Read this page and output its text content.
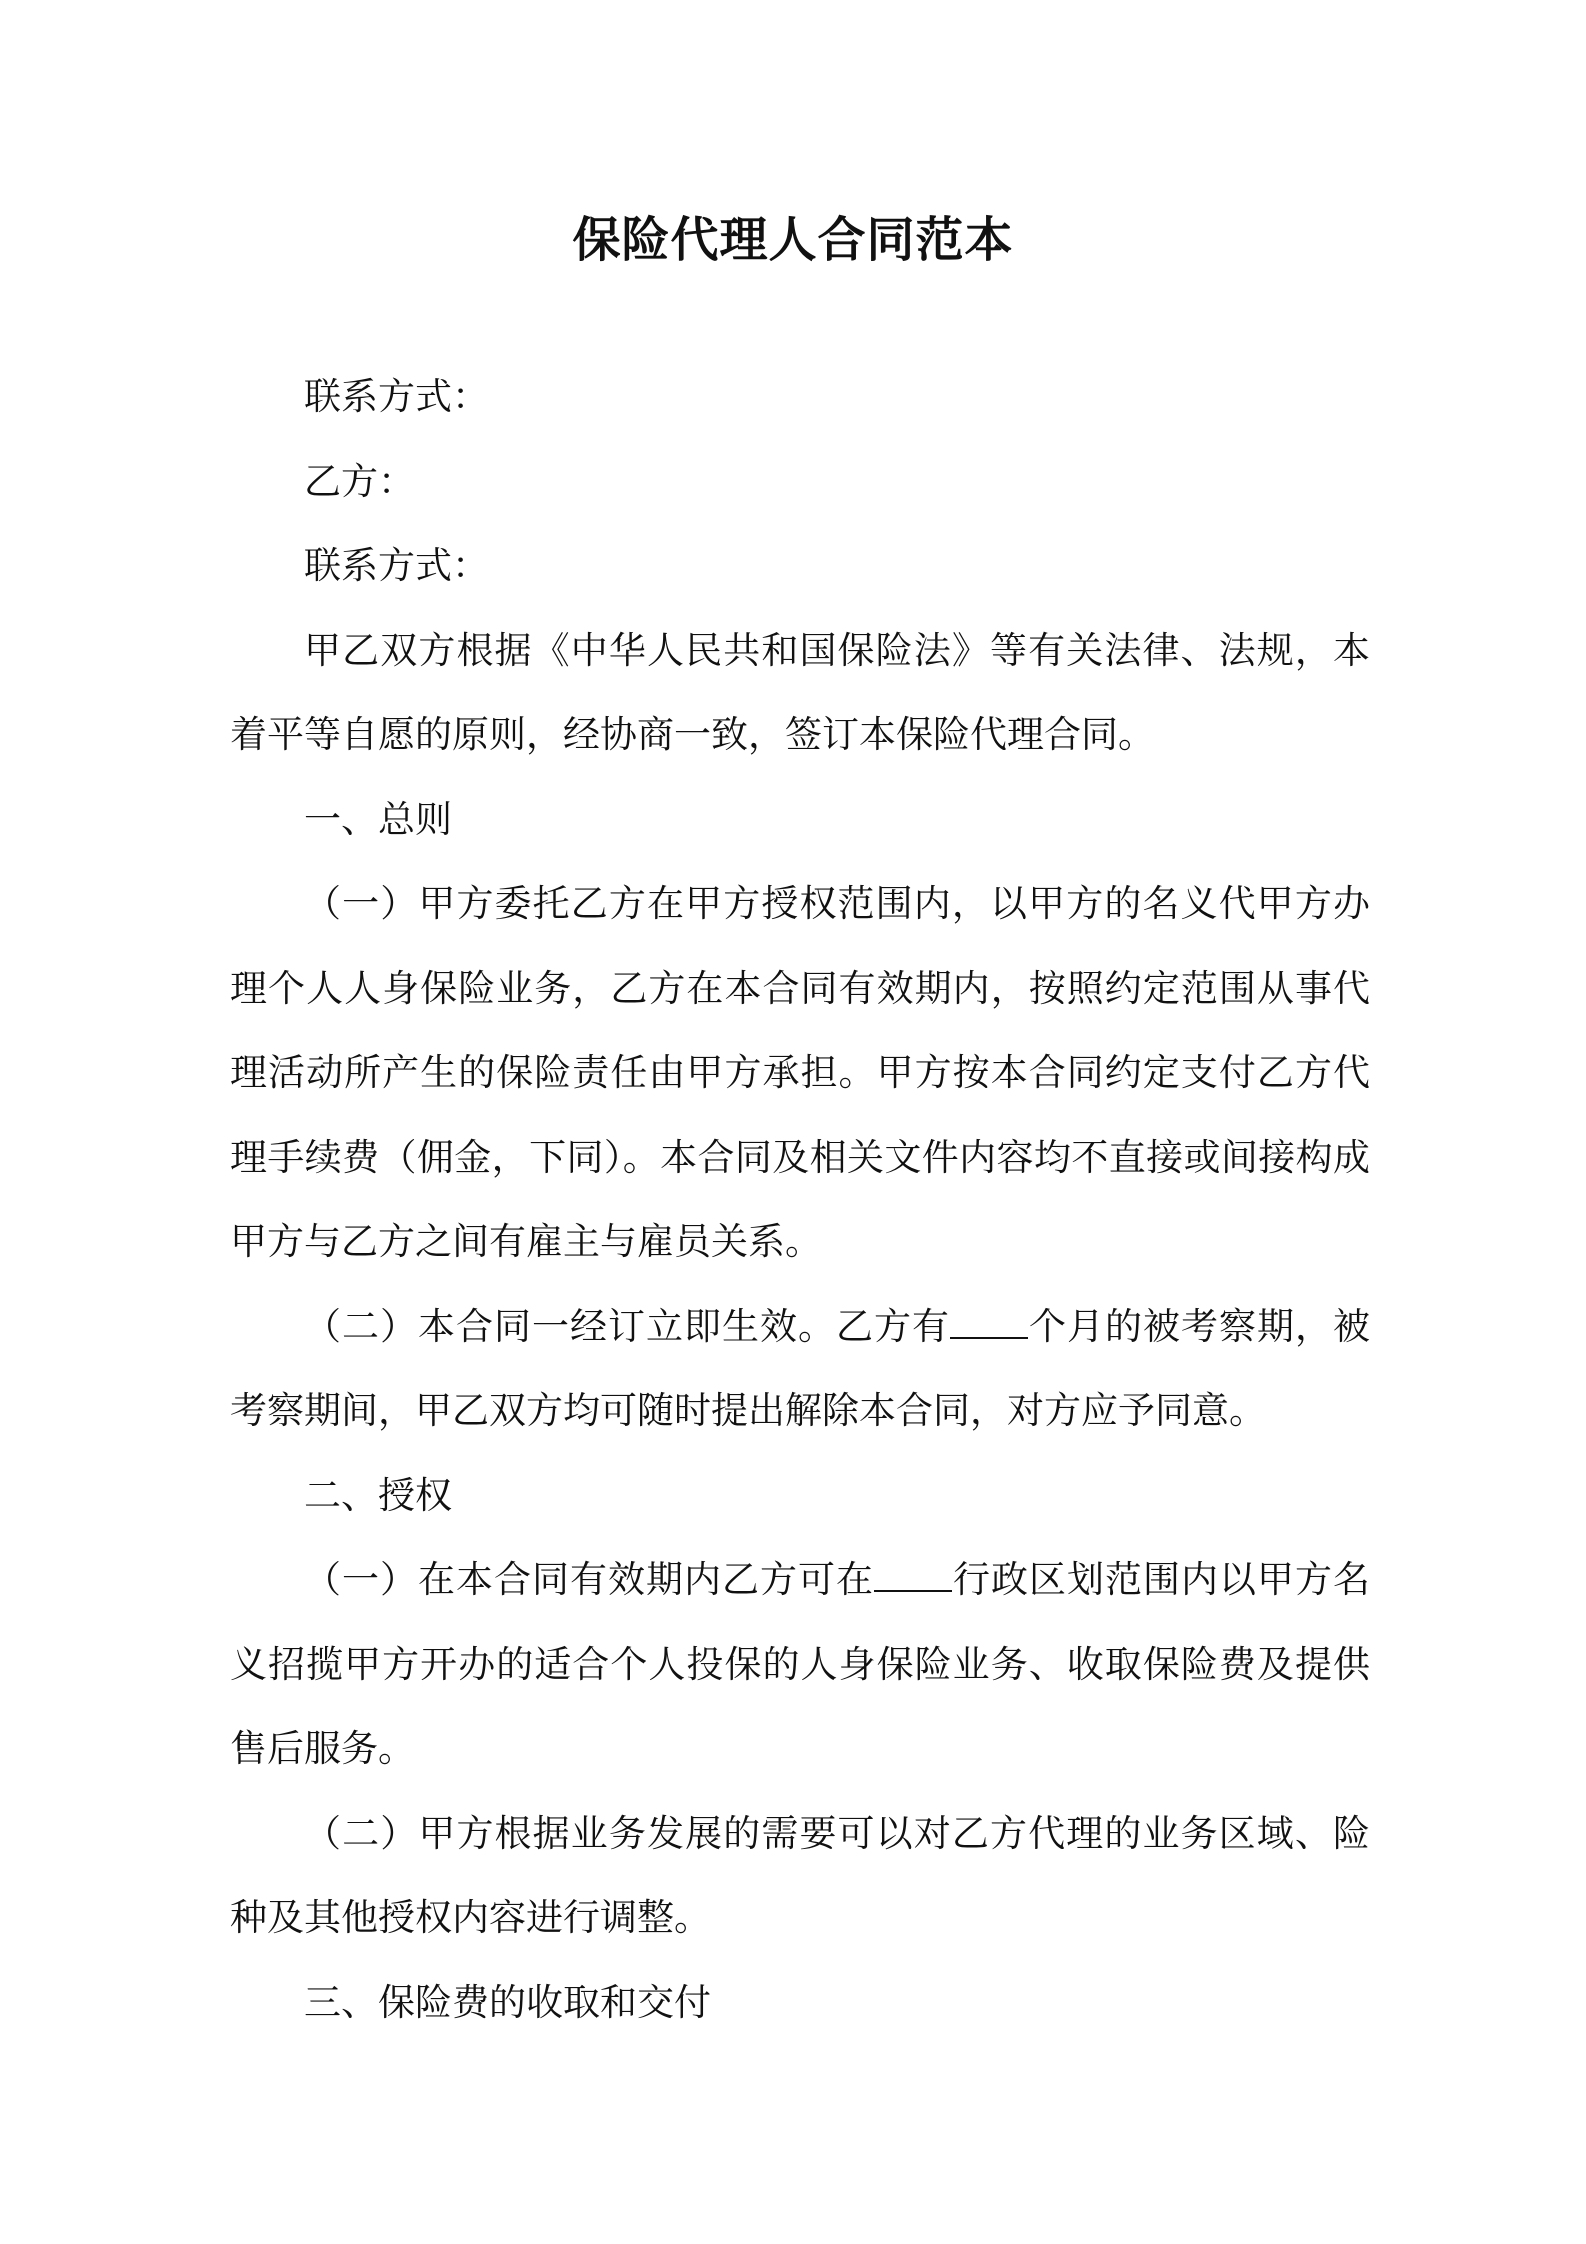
保险代理人合同范本

联系方式：

乙方：

联系方式：

甲乙双方根据《中华人民共和国保险法》等有关法律、法规，本着平等自愿的原则，经协商一致，签订本保险代理合同。

一、总则

（一）甲方委托乙方在甲方授权范围内，以甲方的名义代甲方办理个人人身保险业务，乙方在本合同有效期内，按照约定范围从事代理活动所产生的保险责任由甲方承担。甲方按本合同约定支付乙方代理手续费（佣金，下同）。本合同及相关文件内容均不直接或间接构成甲方与乙方之间有雇主与雇员关系。

（二）本合同一经订立即生效。乙方有 个月的被考察期，被考察期间，甲乙双方均可随时提出解除本合同，对方应予同意。

二、授权

（一）在本合同有效期内乙方可在 行政区划范围内以甲方名义招揽甲方开办的适合个人投保的人身保险业务、收取保险费及提供售后服务。

（二）甲方根据业务发展的需要可以对乙方代理的业务区域、险种及其他授权内容进行调整。

三、保险费的收取和交付
